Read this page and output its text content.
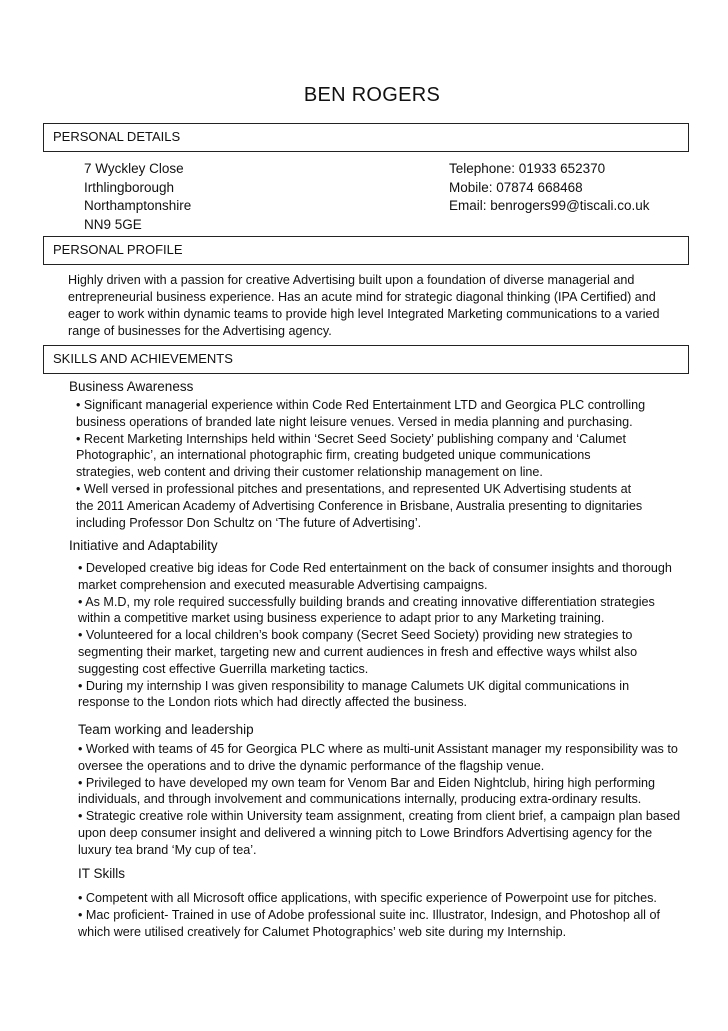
BEN ROGERS
PERSONAL DETAILS
7 Wyckley Close
Irthlingborough
Northamptonshire
NN9 5GE
Telephone: 01933 652370
Mobile: 07874 668468
Email: benrogers99@tiscali.co.uk
PERSONAL PROFILE
Highly driven with a passion for creative Advertising built upon a foundation of diverse managerial and
entrepreneurial business experience. Has an acute mind for strategic diagonal thinking (IPA Certified) and
eager to work within dynamic teams to provide high level Integrated Marketing communications to a varied
range of businesses for the Advertising agency.
SKILLS AND ACHIEVEMENTS
Business Awareness
• Significant managerial experience within Code Red Entertainment LTD and Georgica PLC controlling
business operations of branded late night leisure venues. Versed in media planning and purchasing.
• Recent Marketing Internships held within ‘Secret Seed Society’ publishing company and ‘Calumet
Photographic’, an international photographic firm, creating budgeted unique communications
strategies, web content and driving their customer relationship management on line.
• Well versed in professional pitches and presentations, and represented UK Advertising students at
the 2011 American Academy of Advertising Conference in Brisbane, Australia presenting to dignitaries
including Professor Don Schultz on ‘The future of Advertising’.
Initiative and Adaptability
• Developed creative big ideas for Code Red entertainment on the back of consumer insights and thorough
market comprehension and executed measurable Advertising campaigns.
• As M.D, my role required successfully building brands and creating innovative differentiation strategies
within a competitive market using business experience to adapt prior to any Marketing training.
• Volunteered for a local children’s book company (Secret Seed Society) providing new strategies to
segmenting their market, targeting new and current audiences in fresh and effective ways whilst also
suggesting cost effective Guerrilla marketing tactics.
• During my internship I was given responsibility to manage Calumets UK digital communications in
response to the London riots which had directly affected the business.
Team working and leadership
• Worked with teams of 45 for Georgica PLC where as multi-unit Assistant manager my responsibility was to
oversee the operations and to drive the dynamic performance of the flagship venue.
• Privileged to have developed my own team for Venom Bar and Eiden Nightclub, hiring high performing
individuals, and through involvement and communications internally, producing extra-ordinary results.
• Strategic creative role within University team assignment, creating from client brief, a campaign plan based
upon deep consumer insight and delivered a winning pitch to Lowe Brindfors Advertising agency for the
luxury tea brand ‘My cup of tea’.
IT Skills
• Competent with all Microsoft office applications, with specific experience of Powerpoint use for pitches.
• Mac proficient- Trained in use of Adobe professional suite inc. Illustrator, Indesign, and Photoshop all of
which were utilised creatively for Calumet Photographics’ web site during my Internship.
